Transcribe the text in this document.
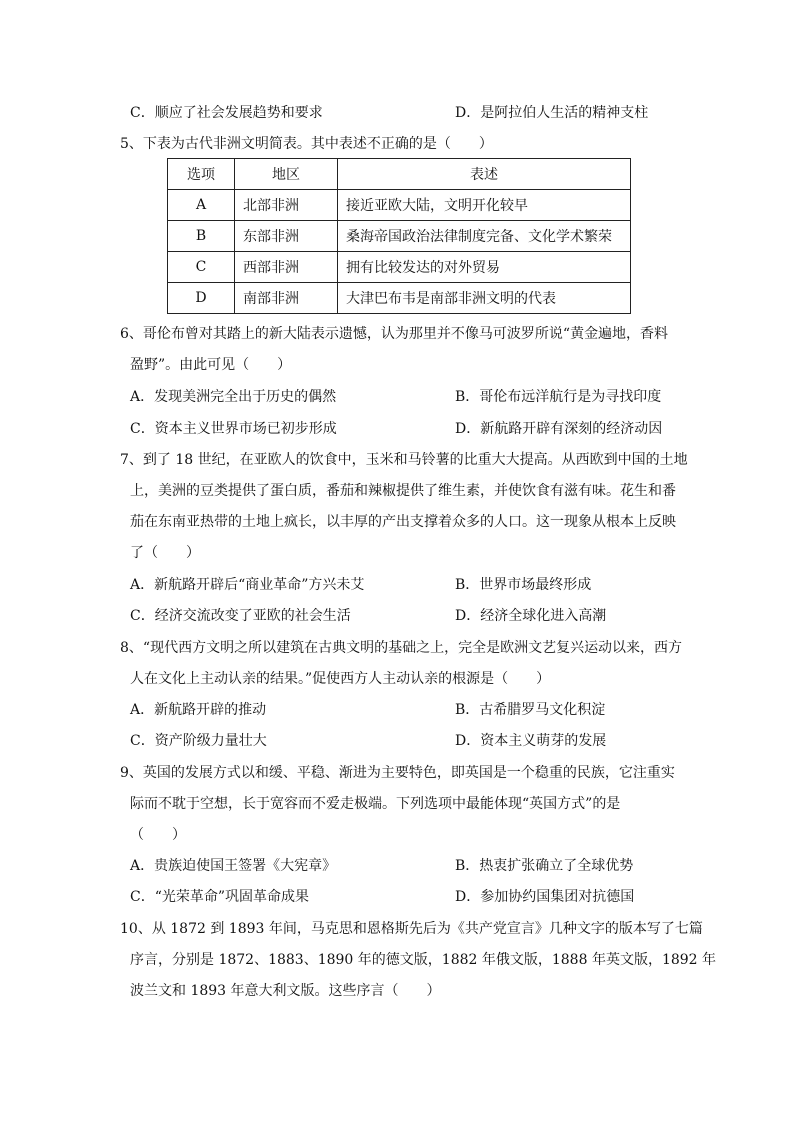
C．顺应了社会发展趋势和要求	D．是阿拉伯人生活的精神支柱
5、下表为古代非洲文明简表。其中表述不正确的是（　　）
选项	地区	表述
A	北部非洲	接近亚欧大陆，文明开化较早
B	东部非洲	桑海帝国政治法律制度完备、文化学术繁荣
C	西部非洲	拥有比较发达的对外贸易
D	南部非洲	大津巴布韦是南部非洲文明的代表
6、哥伦布曾对其踏上的新大陆表示遗憾，认为那里并不像马可波罗所说“黄金遍地，香料
盈野”。由此可见（　　）
A．发现美洲完全出于历史的偶然	B．哥伦布远洋航行是为寻找印度
C．资本主义世界市场已初步形成	D．新航路开辟有深刻的经济动因
7、到了 18 世纪，在亚欧人的饮食中，玉米和马铃薯的比重大大提高。从西欧到中国的土地
上，美洲的豆类提供了蛋白质，番茄和辣椒提供了维生素，并使饮食有滋有味。花生和番
茄在东南亚热带的土地上疯长，以丰厚的产出支撑着众多的人口。这一现象从根本上反映
了（　　）
A．新航路开辟后“商业革命”方兴未艾	B．世界市场最终形成
C．经济交流改变了亚欧的社会生活	D．经济全球化进入高潮
8、“现代西方文明之所以建筑在古典文明的基础之上，完全是欧洲文艺复兴运动以来，西方
人在文化上主动认亲的结果。”促使西方人主动认亲的根源是（　　）
A．新航路开辟的推动	B．古希腊罗马文化积淀
C．资产阶级力量壮大	D．资本主义萌芽的发展
9、英国的发展方式以和缓、平稳、渐进为主要特色，即英国是一个稳重的民族，它注重实
际而不耽于空想，长于宽容而不爱走极端。下列选项中最能体现“英国方式”的是
（　　）
A．贵族迫使国王签署《大宪章》	B．热衷扩张确立了全球优势
C．“光荣革命”巩固革命成果	D．参加协约国集团对抗德国
10、从 1872 到 1893 年间，马克思和恩格斯先后为《共产党宣言》几种文字的版本写了七篇
序言，分别是 1872、1883、1890 年的德文版，1882 年俄文版，1888 年英文版，1892 年
波兰文和 1893 年意大利文版。这些序言（　　）
